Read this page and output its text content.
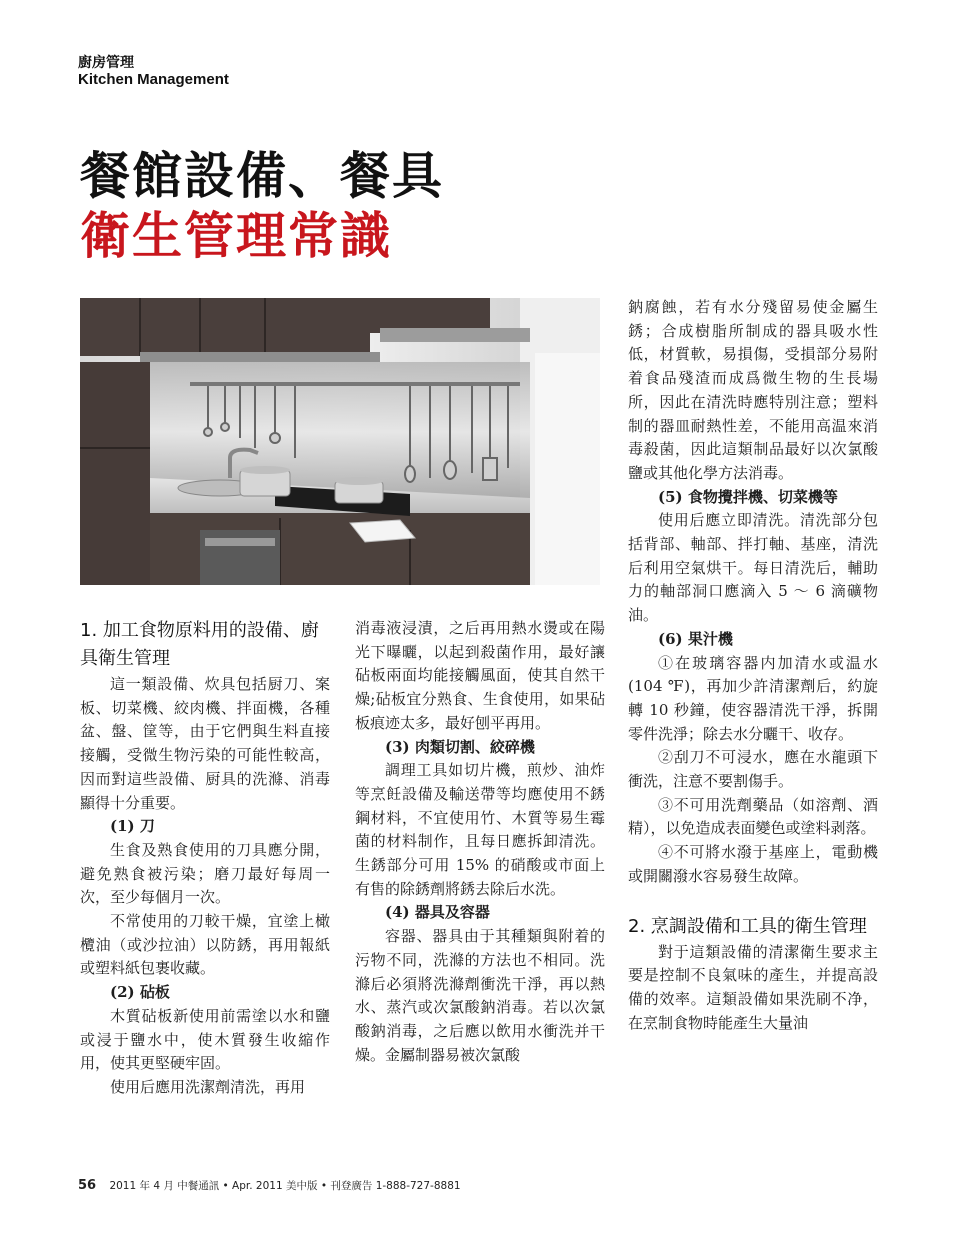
廚房管理
Kitchen Management
餐館設備、餐具
衛生管理常識
1. 加工食物原料用的設備、廚具衛生管理

這一類設備、炊具包括厨刀、案板、切菜機、絞肉機、拌面機，各種盆、盤、筐等，由于它們與生料直接接觸，受微生物污染的可能性較高，因而對這些設備、厨具的洗滌、消毒顯得十分重要。

(1) 刀

生食及熟食使用的刀具應分開，避免熟食被污染；磨刀最好每周一次，至少每個月一次。

不常使用的刀較干燥，宜塗上橄欖油（或沙拉油）以防銹，再用報紙或塑料紙包裹收藏。

(2) 砧板

木質砧板新使用前需塗以水和鹽或浸于鹽水中，使木質發生收縮作用，使其更堅硬牢固。

使用后應用洗潔劑清洗，再用

消毒液浸漬，之后再用熱水燙或在陽光下曝曬，以起到殺菌作用，最好讓砧板兩面均能接觸風面，使其自然干燥;砧板宜分熟食、生食使用，如果砧板痕迹太多，最好刨平再用。

(3) 肉類切割、絞碎機

調理工具如切片機，煎炒、油炸等烹飪設備及輸送帶等均應使用不銹鋼材料，不宜使用竹、木質等易生霉菌的材料制作，且每日應拆卸清洗。生銹部分可用 15% 的硝酸或市面上有售的除銹劑將銹去除后水洗。

(4) 器具及容器

容器、器具由于其種類與附着的污物不同，洗滌的方法也不相同。洗滌后必須將洗滌劑衝洗干淨，再以熱水、蒸汽或次氯酸鈉消毒。若以次氯酸鈉消毒，之后應以飲用水衝洗并干燥。金屬制器易被次氯酸

鈉腐蝕，若有水分殘留易使金屬生銹；合成樹脂所制成的器具吸水性低，材質軟，易損傷，受損部分易附着食品殘渣而成爲微生物的生長場所，因此在清洗時應特別注意；塑料制的器皿耐熱性差，不能用高温來消毒殺菌，因此這類制品最好以次氯酸鹽或其他化學方法消毒。

(5) 食物攪拌機、切菜機等

使用后應立即清洗。清洗部分包括背部、軸部、拌打軸、基座，清洗后利用空氣烘干。每日清洗后，輔助力的軸部洞口應滴入 5 ～ 6 滴礦物油。

(6) 果汁機

①在玻璃容器内加清水或温水 (104 ℉)，再加少許清潔劑后，約旋轉 10 秒鐘，使容器清洗干淨，拆開零件洗淨；除去水分曬干、收存。

②刮刀不可浸水，應在水龍頭下衝洗，注意不要割傷手。

③不可用洗劑藥品（如溶劑、酒精），以免造成表面變色或塗料剥落。

④不可將水潑于基座上，電動機或開關潑水容易發生故障。

2. 烹調設備和工具的衛生管理

對于這類設備的清潔衛生要求主要是控制不良氣味的產生，并提高設備的效率。這類設備如果洗刷不净，在烹制食物時能產生大量油

56 2011 年 4 月 中餐通訊 • Apr. 2011 美中版 • 刊登廣告 1-888-727-8881
